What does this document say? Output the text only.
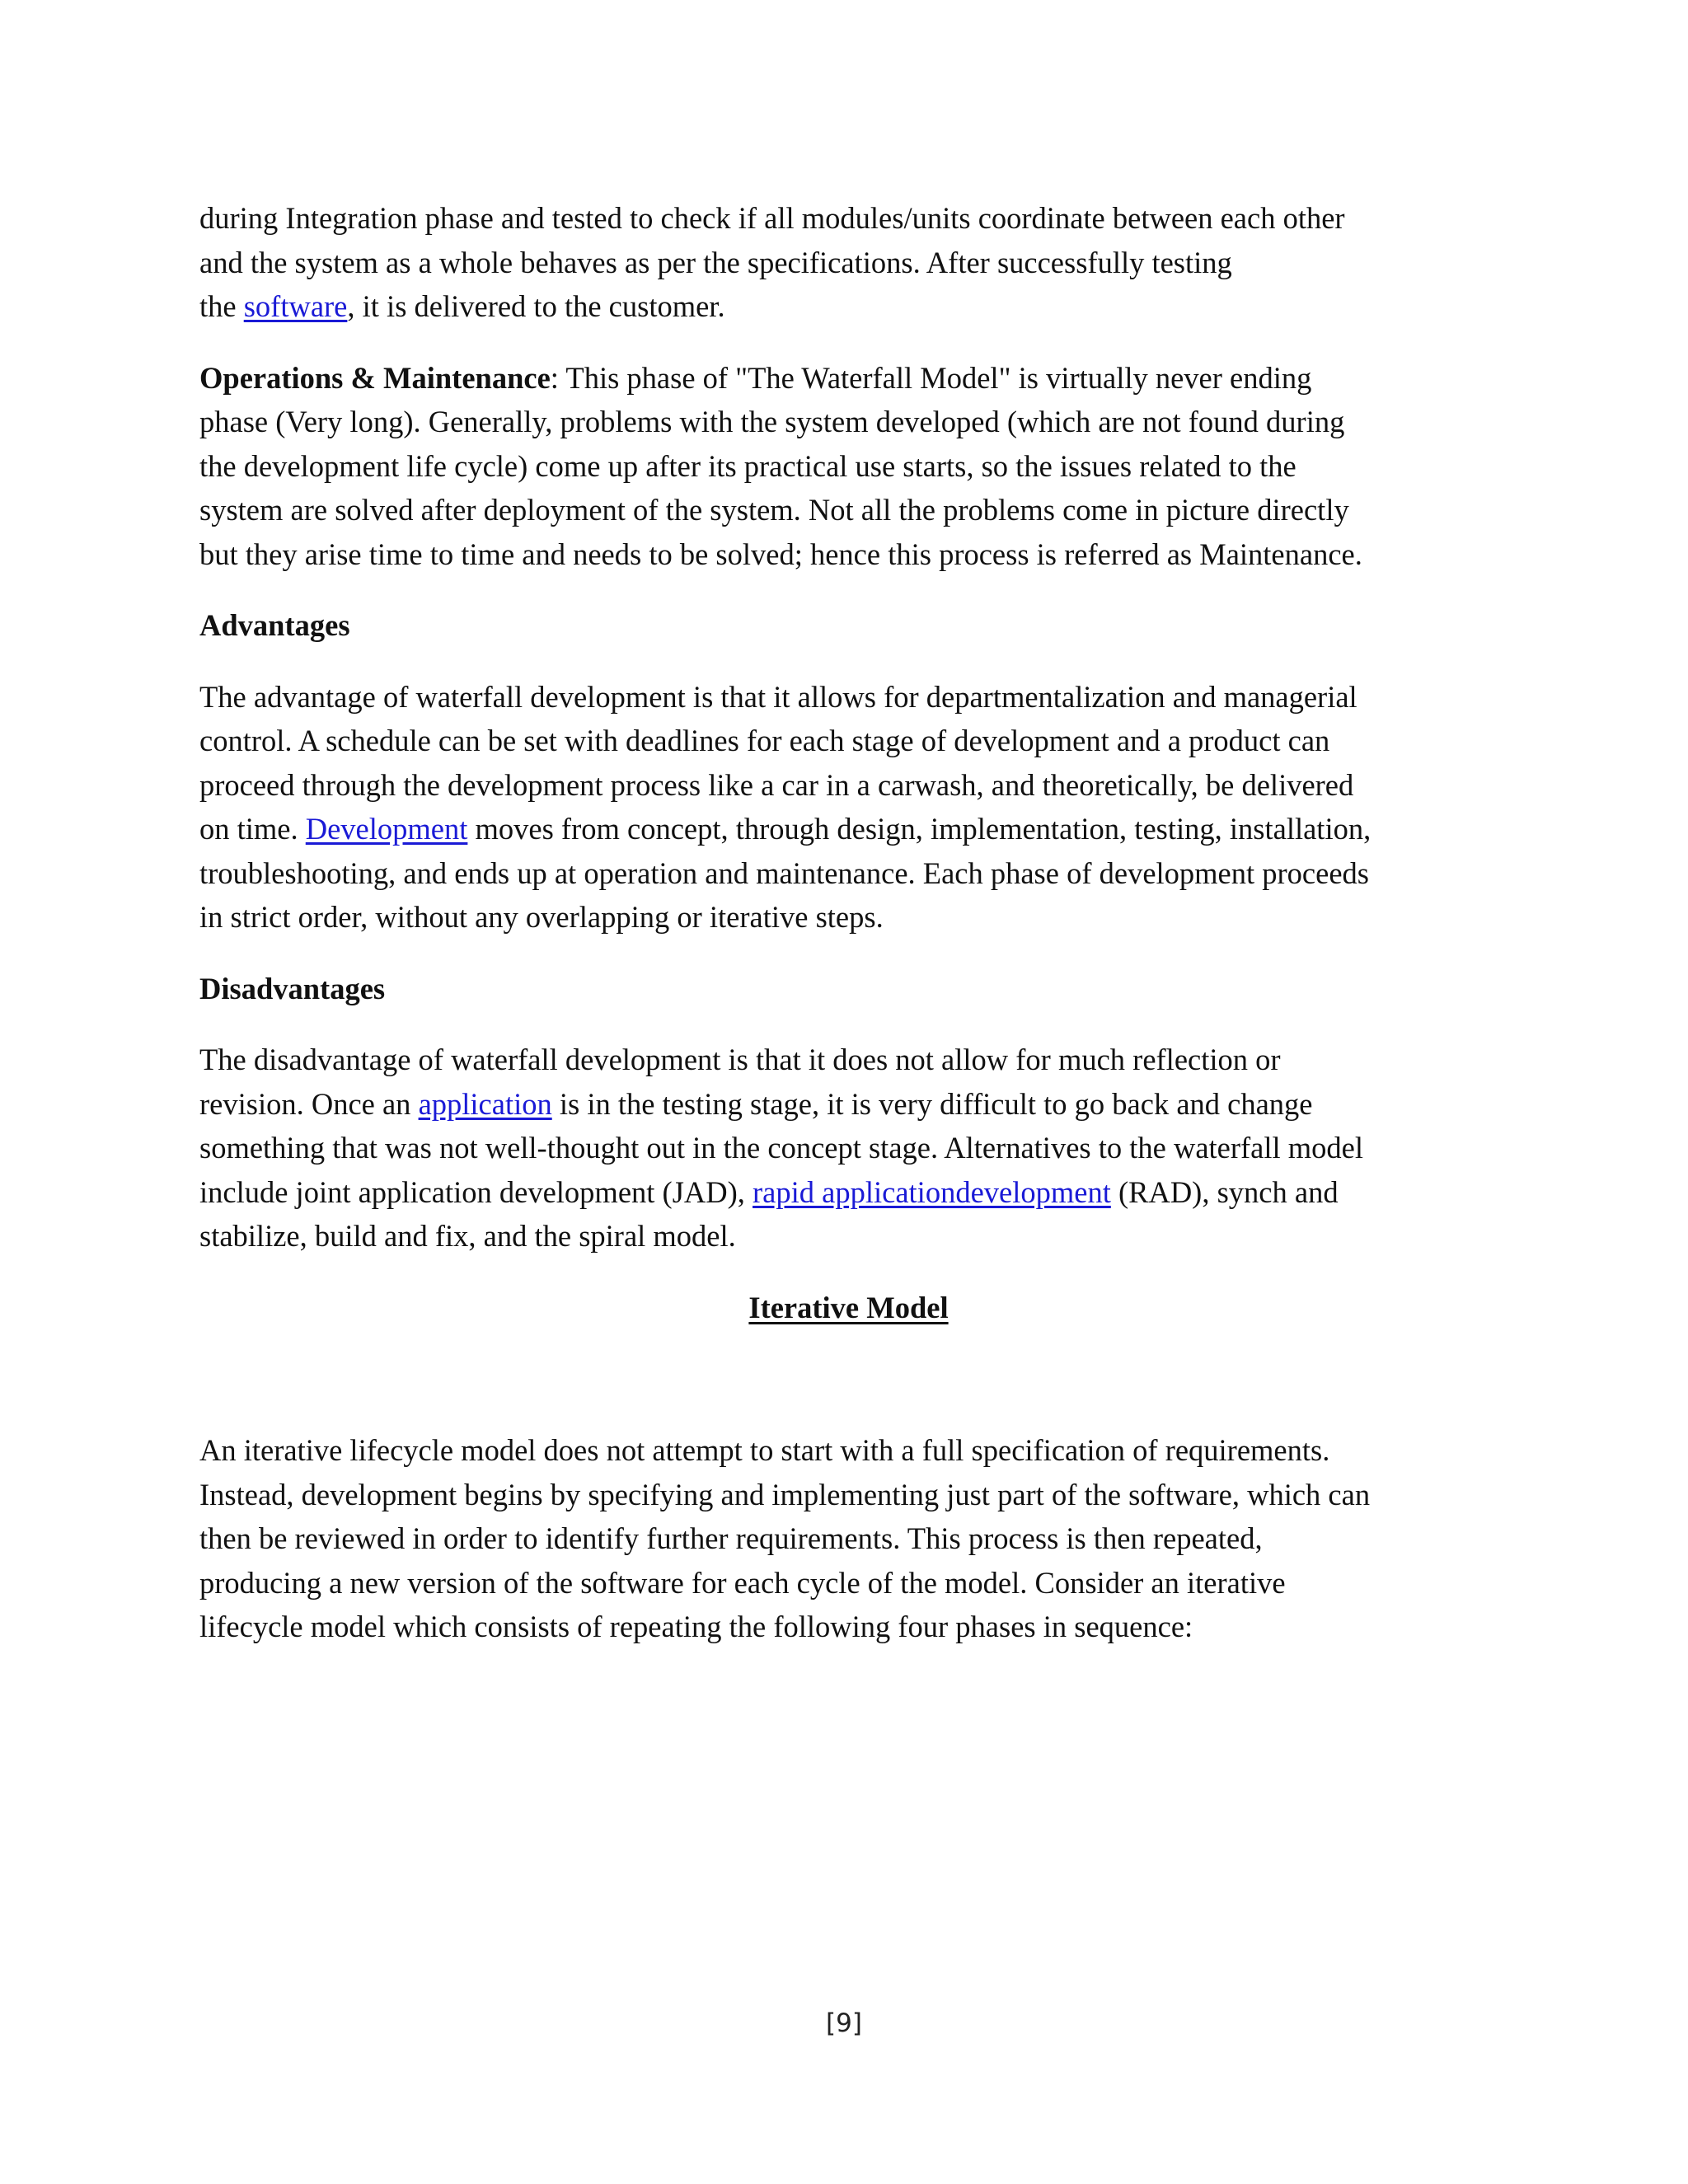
during Integration phase and tested to check if all modules/units coordinate between each other
and the system as a whole behaves as per the specifications. After successfully testing
the software, it is delivered to the customer.

Operations & Maintenance: This phase of "The Waterfall Model" is virtually never ending
phase (Very long). Generally, problems with the system developed (which are not found during
the development life cycle) come up after its practical use starts, so the issues related to the
system are solved after deployment of the system. Not all the problems come in picture directly
but they arise time to time and needs to be solved; hence this process is referred as Maintenance.

Advantages

The advantage of waterfall development is that it allows for departmentalization and managerial
control. A schedule can be set with deadlines for each stage of development and a product can
proceed through the development process like a car in a carwash, and theoretically, be delivered
on time. Development moves from concept, through design, implementation, testing, installation,
troubleshooting, and ends up at operation and maintenance. Each phase of development proceeds
in strict order, without any overlapping or iterative steps.

Disadvantages

The disadvantage of waterfall development is that it does not allow for much reflection or
revision. Once an application is in the testing stage, it is very difficult to go back and change
something that was not well-thought out in the concept stage. Alternatives to the waterfall model
include joint application development (JAD), rapid applicationdevelopment (RAD), synch and
stabilize, build and fix, and the spiral model.

Iterative Model

An iterative lifecycle model does not attempt to start with a full specification of requirements.
Instead, development begins by specifying and implementing just part of the software, which can
then be reviewed in order to identify further requirements. This process is then repeated,
producing a new version of the software for each cycle of the model. Consider an iterative
lifecycle model which consists of repeating the following four phases in sequence:

[9]
